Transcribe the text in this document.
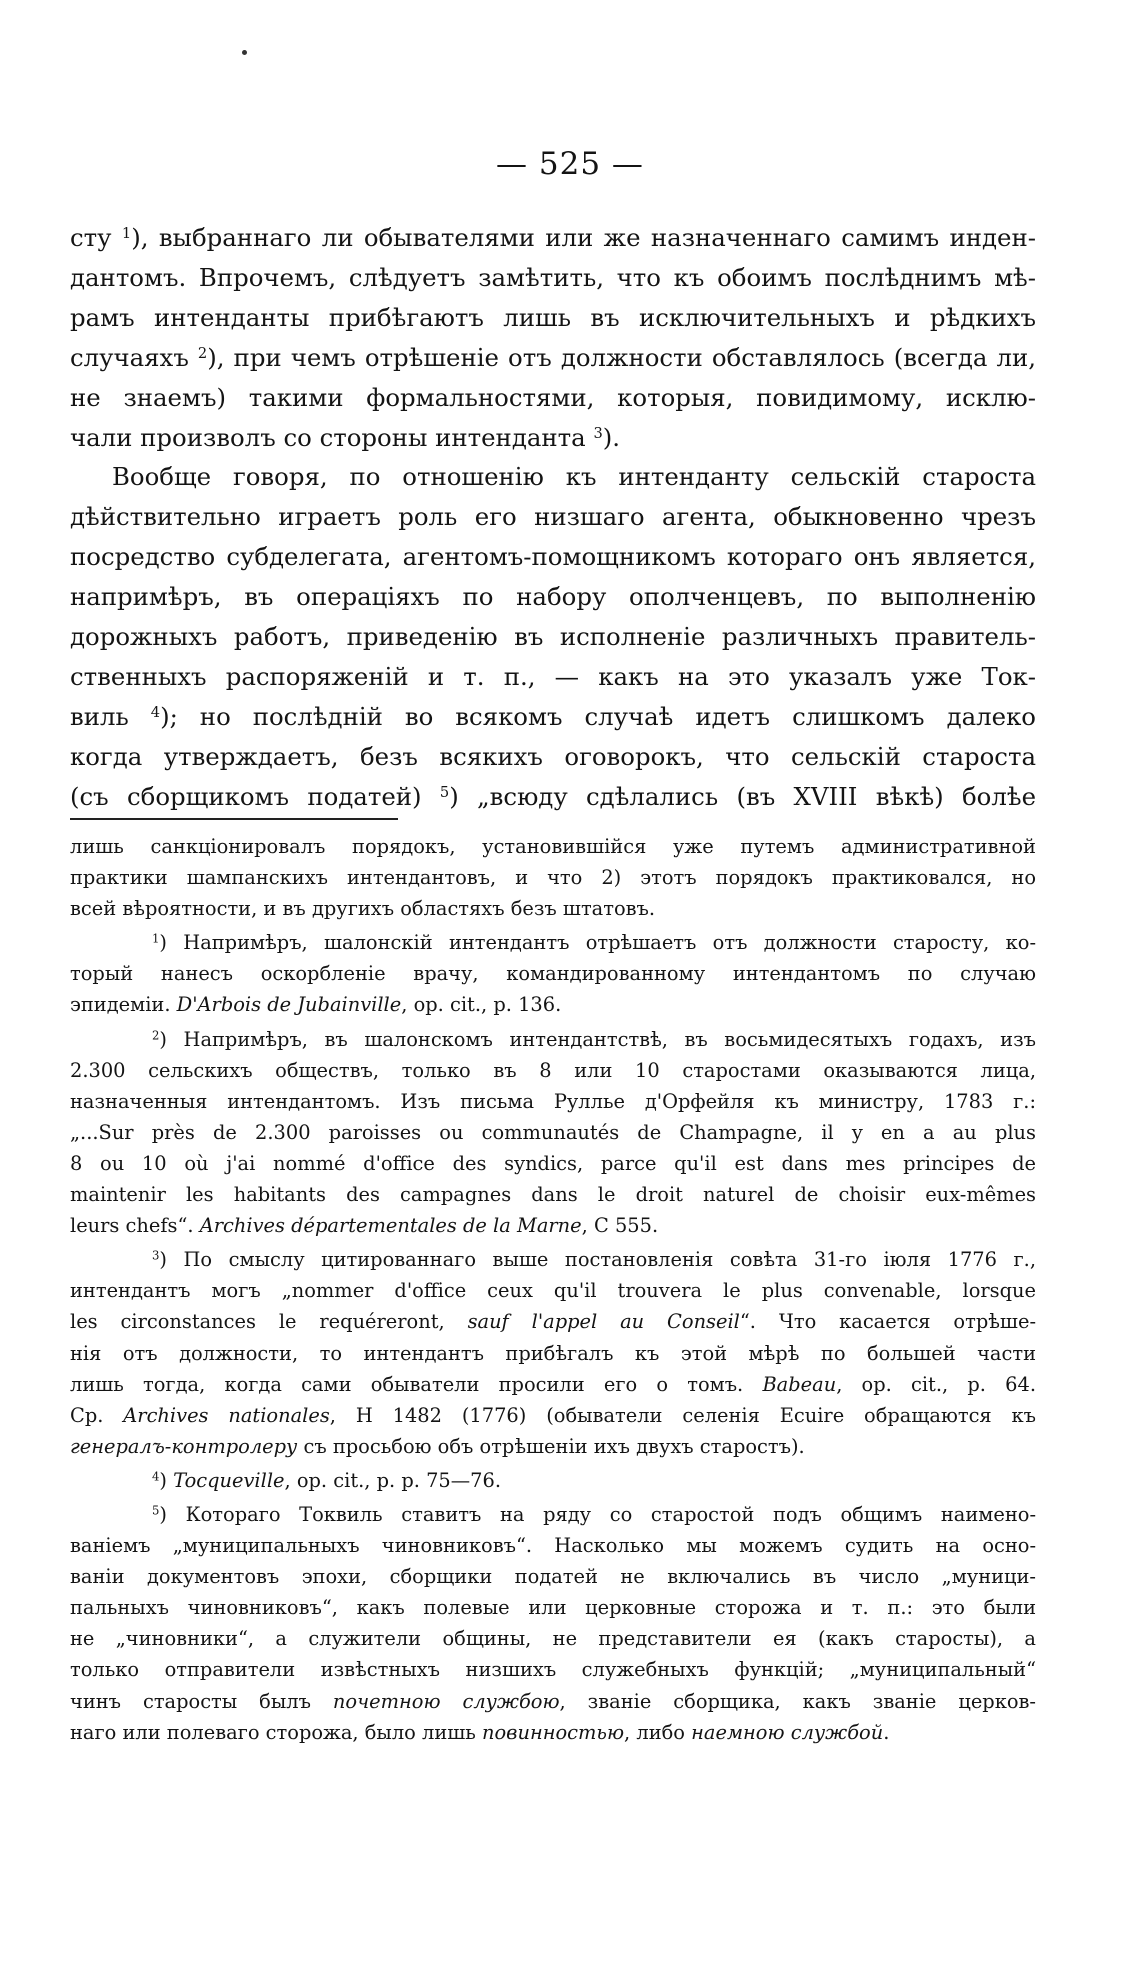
— 525 —
сту $^1$), выбраннаго ли обывателями или же назначеннаго самимъ инден-
дантомъ. Впрочемъ, слѣдуетъ замѣтить, что къ обоимъ послѣднимъ мѣ-
рамъ интенданты прибѣгаютъ лишь въ исключительныхъ и рѣдкихъ
случаяхъ $^2$), при чемъ отрѣшеніе отъ должности обставлялось (всегда ли,
не знаемъ) такими формальностями, которыя, повидимому, исклю-
чали произволъ со стороны интенданта $^3$).
Вообще говоря, по отношенію къ интенданту сельскій староста
дѣйствительно играетъ роль его низшаго агента, обыкновенно чрезъ
посредство субделегата, агентомъ-помощникомъ котораго онъ является,
напримѣръ, въ операціяхъ по набору ополченцевъ, по выполненію
дорожныхъ работъ, приведенію въ исполненіе различныхъ правитель-
ственныхъ распоряженій и т. п., — какъ на это указалъ уже Ток-
виль $^4$); но послѣдній во всякомъ случаѣ идетъ слишкомъ далеко
когда утверждаетъ, безъ всякихъ оговорокъ, что сельскій староста
(съ сборщикомъ податей) $^5$) „всюду сдѣлались (въ XVIII вѣкѣ) болѣе
лишь санкціонировалъ порядокъ, установившійся уже путемъ административной
практики шампанскихъ интендантовъ, и что 2) этотъ порядокъ практиковался, но
всей вѣроятности, и въ другихъ областяхъ безъ штатовъ.
$^1$) Напримѣръ, шалонскій интендантъ отрѣшаетъ отъ должности старосту, ко-
торый нанесъ оскорбленіе врачу, командированному интендантомъ по случаю
эпидеміи. D'Arbois de Jubainville, op. cit., p. 136.
$^2$) Напримѣръ, въ шалонскомъ интендантствѣ, въ восьмидесятыхъ годахъ, изъ
2.300 сельскихъ обществъ, только въ 8 или 10 старостами оказываются лица,
назначенныя интендантомъ. Изъ письма Руллье д'Орфейля къ министру, 1783 г.:
„...Sur près de 2.300 paroisses ou communautés de Champagne, il y en a au plus
8 ou 10 où j'ai nommé d'office des syndics, parce qu'il est dans mes principes de
maintenir les habitants des campagnes dans le droit naturel de choisir eux-mêmes
leurs chefs“. Archives départementales de la Marne, C 555.
$^3$) По смыслу цитированнаго выше постановленія совѣта 31-го іюля 1776 г.,
интендантъ могъ „nommer d'office ceux qu'il trouvera le plus convenable, lorsque
les circonstances le requéreront, sauf l'appel au Conseil“. Что касается отрѣше-
нія отъ должности, то интендантъ прибѣгалъ къ этой мѣрѣ по большей части
лишь тогда, когда сами обыватели просили его о томъ. Babeau, op. cit., p. 64.
Ср. Archives nationales, H 1482 (1776) (обыватели селенія Ecuire обращаются къ
генералъ-контролеру съ просьбою объ отрѣшеніи ихъ двухъ старостъ).
$^4$) Tocqueville, op. cit., p. p. 75—76.
$^5$) Котораго Токвиль ставитъ на ряду со старостой подъ общимъ наимено-
ваніемъ „муниципальныхъ чиновниковъ“. Насколько мы можемъ судить на осно-
ваніи документовъ эпохи, сборщики податей не включались въ число „муници-
пальныхъ чиновниковъ“, какъ полевые или церковные сторожа и т. п.: это были
не „чиновники“, а служители общины, не представители ея (какъ старосты), а
только отправители извѣстныхъ низшихъ служебныхъ функцій; „муниципальный“
чинъ старосты былъ почетною службою, званіе сборщика, какъ званіе церков-
наго или полеваго сторожа, было лишь повинностью, либо наемною службой.
